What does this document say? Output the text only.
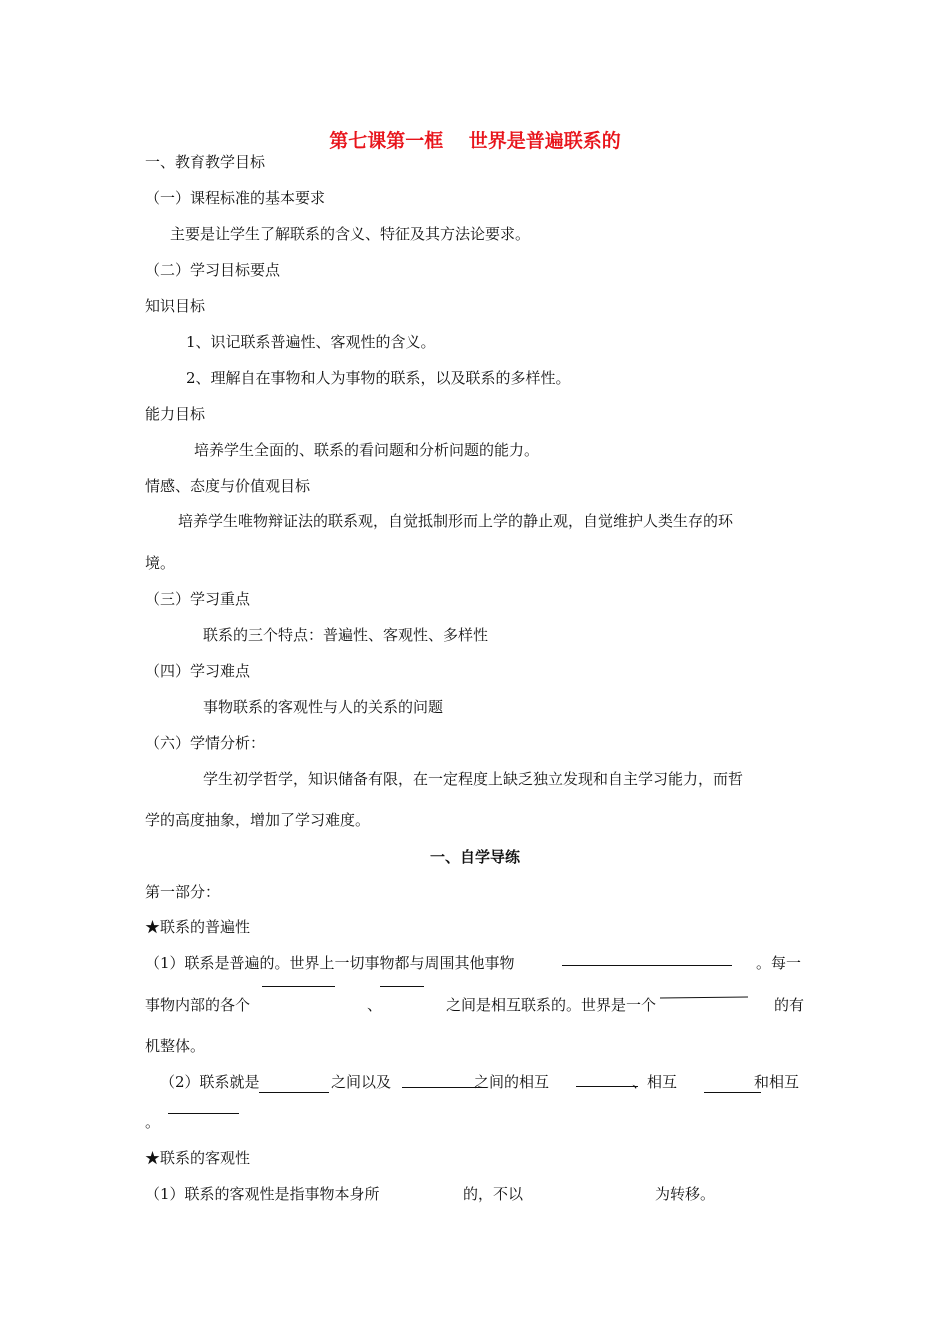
第七课第一框　 世界是普遍联系的
一、教育教学目标
（一）课程标准的基本要求
主要是让学生了解联系的含义、特征及其方法论要求。
（二）学习目标要点
知识目标
1、识记联系普遍性、客观性的含义。
2、理解自在事物和人为事物的联系，以及联系的多样性。
能力目标
培养学生全面的、联系的看问题和分析问题的能力。
情感、态度与价值观目标
培养学生唯物辩证法的联系观，自觉抵制形而上学的静止观，自觉维护人类生存的环
境。
（三）学习重点
联系的三个特点：普遍性、客观性、多样性
（四）学习难点
事物联系的客观性与人的关系的问题
（六）学情分析：
学生初学哲学，知识储备有限，在一定程度上缺乏独立发现和自主学习能力，而哲
学的高度抽象，增加了学习难度。
一、自学导练
第一部分：
★联系的普遍性
（1）联系是普遍的。世界上一切事物都与周围其他事物	。每一
事物内部的各个	、	之间是相互联系的。世界是一个	的有
机整体。
（2）联系就是	之间以及	之间的相互	、相互	和相互
。
★联系的客观性
（1）联系的客观性是指事物本身所	的，不以	为转移。
